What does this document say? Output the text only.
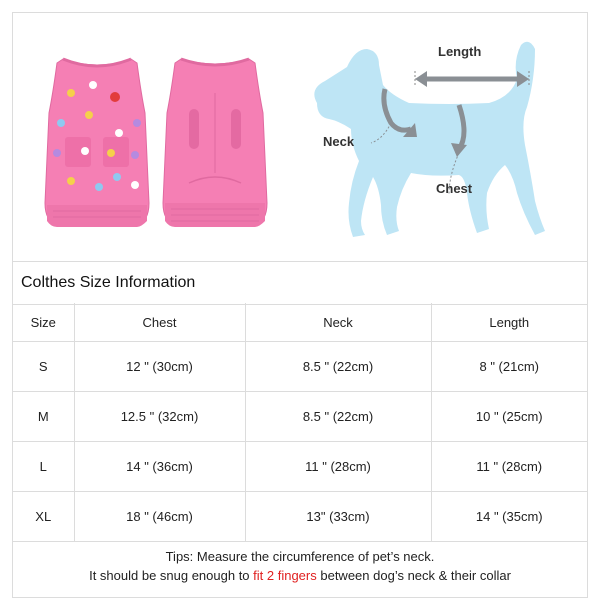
Length
Neck
Chest
Colthes Size Information
Size	Chest	Neck	Length
S	12 " (30cm)	8.5 " (22cm)	8 " (21cm)
M	12.5 " (32cm)	8.5 " (22cm)	10 " (25cm)
L	14 " (36cm)	11 " (28cm)	11 " (28cm)
XL	18 " (46cm)	13" (33cm)	14 " (35cm)
Tips: Measure the circumference of pet’s neck.
It should be snug enough to fit 2 fingers between dog’s neck & their collar
